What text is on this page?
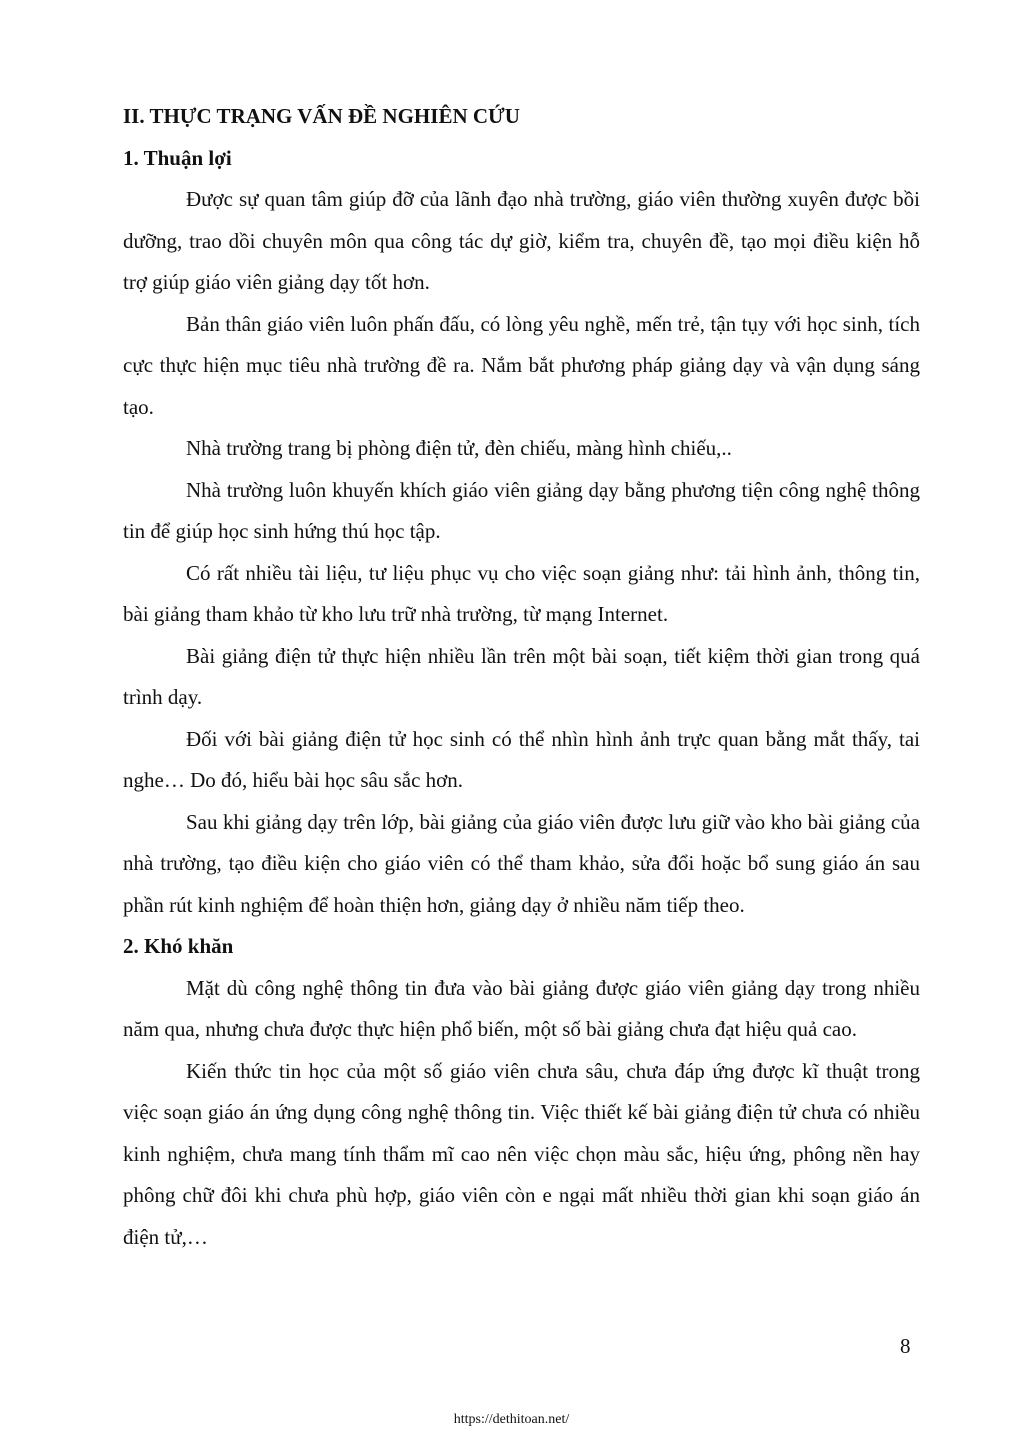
II. THỰC TRẠNG VẤN ĐỀ NGHIÊN CỨU

1. Thuận lợi

Được sự quan tâm giúp đỡ của lãnh đạo nhà trường, giáo viên thường xuyên được bồi dưỡng, trao dồi chuyên môn qua công tác dự giờ, kiểm tra, chuyên đề, tạo mọi điều kiện hỗ trợ giúp giáo viên giảng dạy tốt hơn.

Bản thân giáo viên luôn phấn đấu, có lòng yêu nghề, mến trẻ, tận tụy với học sinh, tích cực thực hiện mục tiêu nhà trường đề ra. Nắm bắt phương pháp giảng dạy và vận dụng sáng tạo.

Nhà trường trang bị phòng điện tử, đèn chiếu, màng hình chiếu,..

Nhà trường luôn khuyến khích giáo viên giảng dạy bằng phương tiện công nghệ thông tin để giúp học sinh hứng thú học tập.

Có rất nhiều tài liệu, tư liệu phục vụ cho việc soạn giảng như: tải hình ảnh, thông tin, bài giảng tham khảo từ kho lưu trữ nhà trường, từ mạng Internet.

Bài giảng điện tử thực hiện nhiều lần trên một bài soạn, tiết kiệm thời gian trong quá trình dạy.

Đối với bài giảng điện tử học sinh có thể nhìn hình ảnh trực quan bằng mắt thấy, tai nghe… Do đó, hiểu bài học sâu sắc hơn.

Sau khi giảng dạy trên lớp, bài giảng của giáo viên được lưu giữ vào kho bài giảng của nhà trường, tạo điều kiện cho giáo viên có thể tham khảo, sửa đổi hoặc bổ sung giáo án sau phần rút kinh nghiệm để hoàn thiện hơn, giảng dạy ở nhiều năm tiếp theo.

2. Khó khăn

Mặt dù công nghệ thông tin đưa vào bài giảng được giáo viên giảng dạy trong nhiều năm qua, nhưng chưa được thực hiện phổ biến, một số bài giảng chưa đạt hiệu quả cao.

Kiến thức tin học của một số giáo viên chưa sâu, chưa đáp ứng được kĩ thuật trong việc soạn giáo án ứng dụng công nghệ thông tin. Việc thiết kế bài giảng điện tử chưa có nhiều kinh nghiệm, chưa mang tính thẩm mĩ cao nên việc chọn màu sắc, hiệu ứng, phông nền hay phông chữ đôi khi chưa phù hợp, giáo viên còn e ngại mất nhiều thời gian khi soạn giáo án điện tử,…

8
https://dethitoan.net/
